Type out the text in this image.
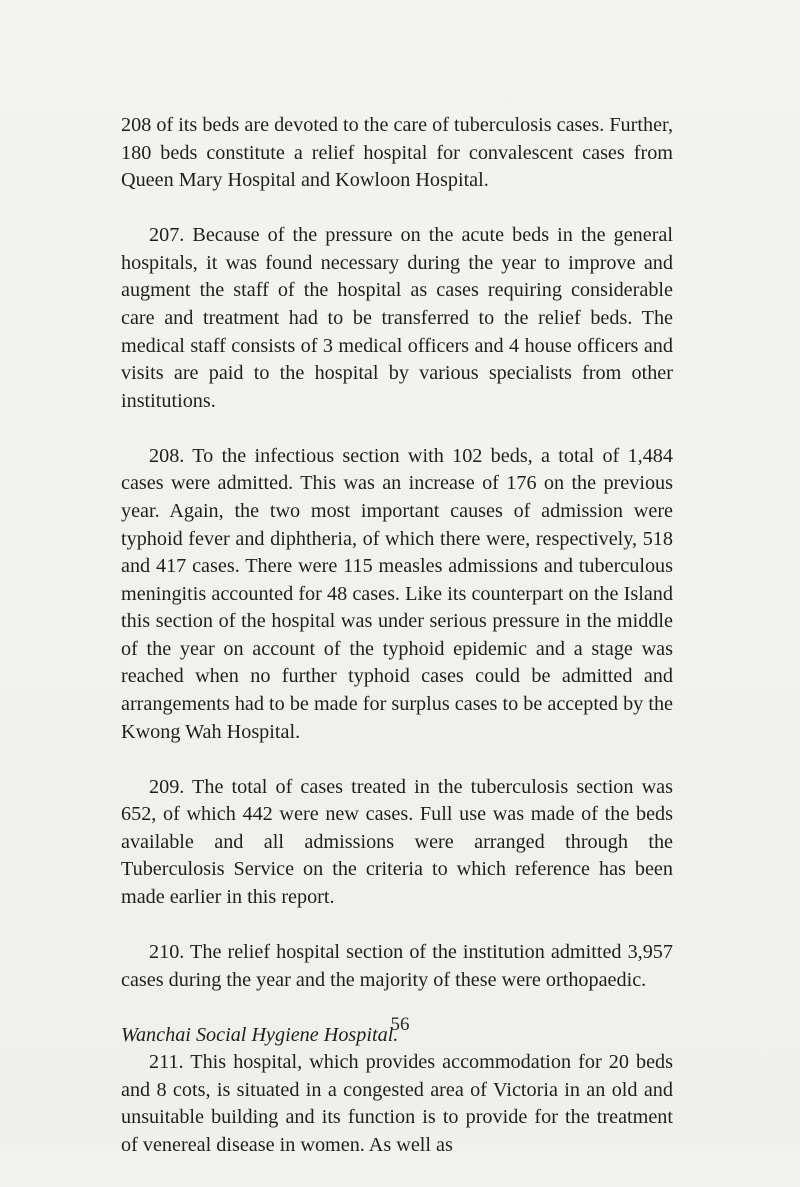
208 of its beds are devoted to the care of tuberculosis cases. Further, 180 beds constitute a relief hospital for convalescent cases from Queen Mary Hospital and Kowloon Hospital.

207. Because of the pressure on the acute beds in the general hospitals, it was found necessary during the year to improve and augment the staff of the hospital as cases requiring considerable care and treatment had to be transferred to the relief beds. The medical staff consists of 3 medical officers and 4 house officers and visits are paid to the hospital by various specialists from other institutions.

208. To the infectious section with 102 beds, a total of 1,484 cases were admitted. This was an increase of 176 on the previous year. Again, the two most important causes of admission were typhoid fever and diphtheria, of which there were, respectively, 518 and 417 cases. There were 115 measles admissions and tuberculous meningitis accounted for 48 cases. Like its counterpart on the Island this section of the hospital was under serious pressure in the middle of the year on account of the typhoid epidemic and a stage was reached when no further typhoid cases could be admitted and arrangements had to be made for surplus cases to be accepted by the Kwong Wah Hospital.

209. The total of cases treated in the tuberculosis section was 652, of which 442 were new cases. Full use was made of the beds available and all admissions were arranged through the Tuberculosis Service on the criteria to which reference has been made earlier in this report.

210. The relief hospital section of the institution admitted 3,957 cases during the year and the majority of these were orthopaedic.

Wanchai Social Hygiene Hospital.

211. This hospital, which provides accommodation for 20 beds and 8 cots, is situated in a congested area of Victoria in an old and unsuitable building and its function is to provide for the treatment of venereal disease in women. As well as

56
